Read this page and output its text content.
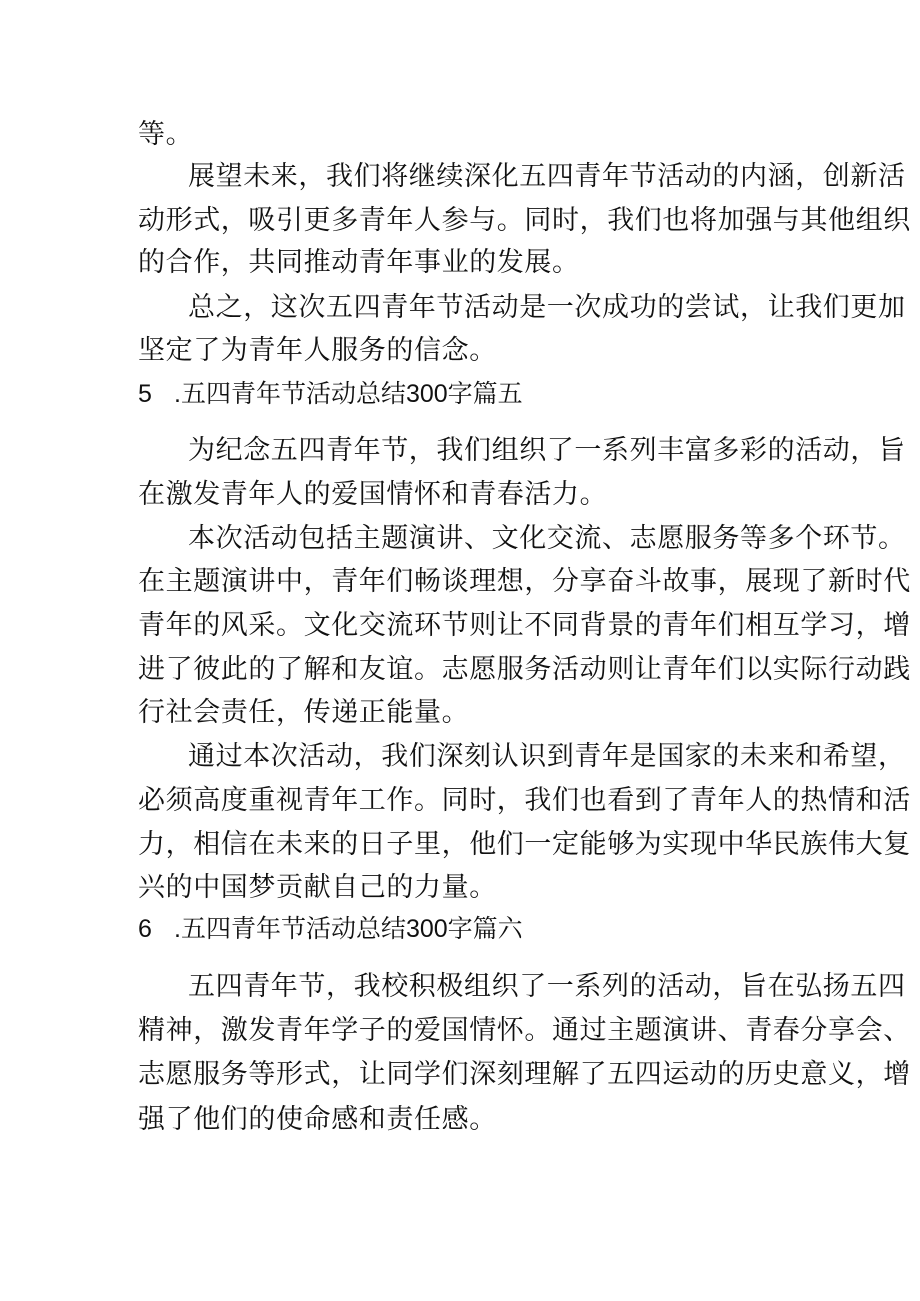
等。
展望未来，我们将继续深化五四青年节活动的内涵，创新活
动形式，吸引更多青年人参与。同时，我们也将加强与其他组织
的合作，共同推动青年事业的发展。
总之，这次五四青年节活动是一次成功的尝试，让我们更加
坚定了为青年人服务的信念。
5 .五四青年节活动总结300字篇五
为纪念五四青年节，我们组织了一系列丰富多彩的活动，旨
在激发青年人的爱国情怀和青春活力。
本次活动包括主题演讲、文化交流、志愿服务等多个环节。
在主题演讲中，青年们畅谈理想，分享奋斗故事，展现了新时代
青年的风采。文化交流环节则让不同背景的青年们相互学习，增
进了彼此的了解和友谊。志愿服务活动则让青年们以实际行动践
行社会责任，传递正能量。
通过本次活动，我们深刻认识到青年是国家的未来和希望，
必须高度重视青年工作。同时，我们也看到了青年人的热情和活
力，相信在未来的日子里，他们一定能够为实现中华民族伟大复
兴的中国梦贡献自己的力量。
6 .五四青年节活动总结300字篇六
五四青年节，我校积极组织了一系列的活动，旨在弘扬五四
精神，激发青年学子的爱国情怀。通过主题演讲、青春分享会、
志愿服务等形式，让同学们深刻理解了五四运动的历史意义，增
强了他们的使命感和责任感。
